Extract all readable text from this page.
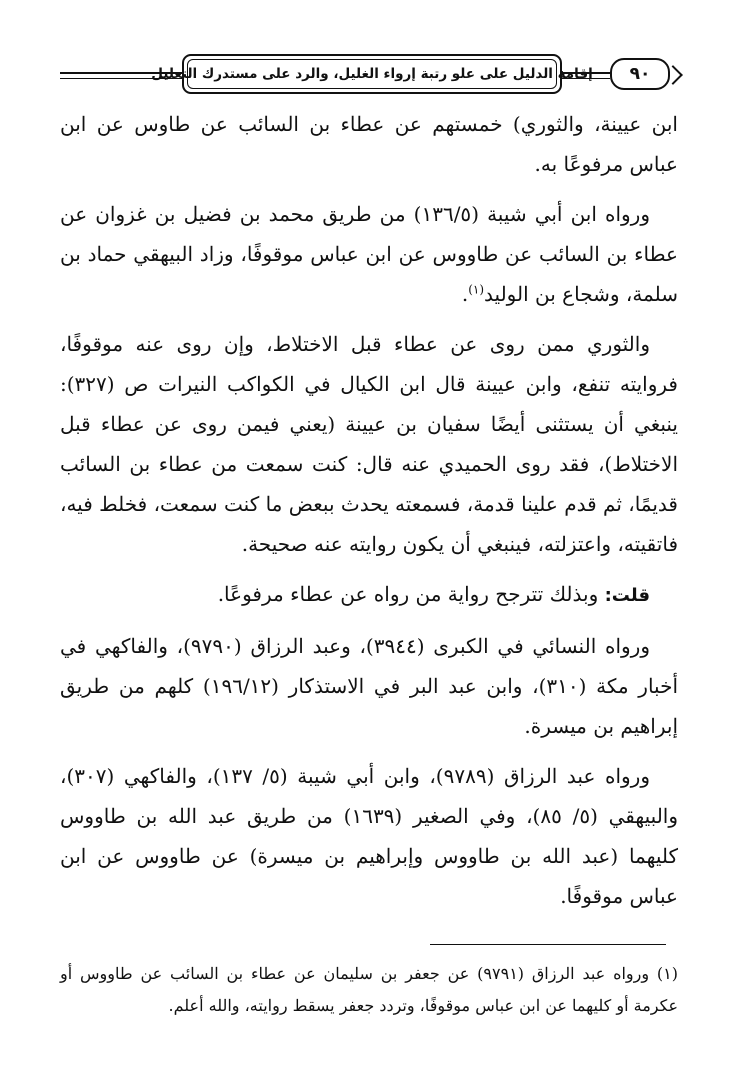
إقامة الدليل على علو رتبة إرواء الغليل، والرد على مستدرك التعليل	٩٠

ابن عيينة، والثوري) خمستهم عن عطاء بن السائب عن طاوس عن ابن عباس مرفوعًا به.

ورواه ابن أبي شيبة (١٣٦/٥) من طريق محمد بن فضيل بن غزوان عن عطاء بن السائب عن طاووس عن ابن عباس موقوفًا، وزاد البيهقي حماد بن سلمة، وشجاع بن الوليد$^{(١)}$.

والثوري ممن روى عن عطاء قبل الاختلاط، وإن روى عنه موقوفًا، فروايته تنفع، وابن عيينة قال ابن الكيال في الكواكب النيرات ص (٣٢٧): ينبغي أن يستثنى أيضًا سفيان بن عيينة (يعني فيمن روى عن عطاء قبل الاختلاط)، فقد روى الحميدي عنه قال: كنت سمعت من عطاء بن السائب قديمًا، ثم قدم علينا قدمة، فسمعته يحدث ببعض ما كنت سمعت، فخلط فيه، فاتقيته، واعتزلته، فينبغي أن يكون روايته عنه صحيحة.

قلت: وبذلك تترجح رواية من رواه عن عطاء مرفوعًا.

ورواه النسائي في الكبرى (٣٩٤٤)، وعبد الرزاق (٩٧٩٠)، والفاكهي في أخبار مكة (٣١٠)، وابن عبد البر في الاستذكار (١٩٦/١٢) كلهم من طريق إبراهيم بن ميسرة.

ورواه عبد الرزاق (٩٧٨٩)، وابن أبي شيبة (٥/ ١٣٧)، والفاكهي (٣٠٧)، والبيهقي (٥/ ٨٥)، وفي الصغير (١٦٣٩) من طريق عبد الله بن طاووس كليهما (عبد الله بن طاووس وإبراهيم بن ميسرة) عن طاووس عن ابن عباس موقوفًا.

(١) ورواه عبد الرزاق (٩٧٩١) عن جعفر بن سليمان عن عطاء بن السائب عن طاووس أو عكرمة أو كليهما عن ابن عباس موقوفًا، وتردد جعفر يسقط روايته، والله أعلم.
